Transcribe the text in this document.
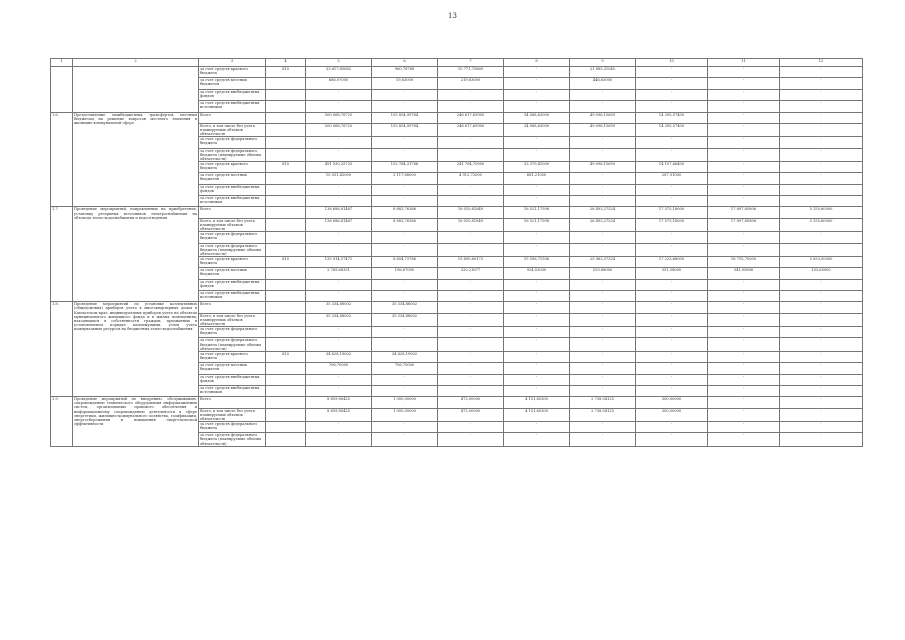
13
1	2	3	4	5	6	7	8	9	10	11	12
		за счет средств краевого бюджета	810	33 617,85682	960,78768	10 771,75869	-	21 885,31045	-	-	-
		за счет средств местных бюджетов		686,07000	19,63000	219,83000	-	446,63000	-	-	-
		за счет средств внебюджетных фондов		-	-	-	-	-	-	-	-
		за счет средств внебюджетных источников		-	-	-	-	-	-	-	-
1.6.	Предоставление межбюджетных трансфертов местным бюджетам на решение вопросов местного значения в жилищно-коммунальной сфере	Всего		500 068,76725	155 854,99764	246 617,65900	34 068,63000	49 096,15659	14 395,57400	-	-
		Всего, в том числе без учета планируемых объемов обязательств		500 068,76725	155 854,99764	246 617,65900	34 068,63000	49 096,15659	14 395,57400	-	-
		за счет средств федерального бюджета		-	-	-	-	-	-	-	-
		за счет средств федерального бюджета (планируемые объемы обязательств)		-	-	-	-	-	-	-	-
		за счет средств краевого бюджета	810	491 030,25725	152 764,31766	241 704,70900	33 379,41000	49 096,15659	14 107,66400	-	-
		за счет средств местных бюджетов		10 031,43000	3 117,68000	4 912,72000	681,21000	-	287,91000	-	-
		за счет средств внебюджетных фондов		-	-	-	-	-	-	-	-
		за счет средств внебюджетных источников		-	-	-	-	-	-	-	-
1.7.	Проведение мероприятий, направленных на приобретение, установку резервных источников электроснабжения на объектах тепло-водоснабжения и водоотведения	Всего		138 686,81467	8 883,76386	16 010,81849	16 521,17598	26 493,27524	17 575,18000	17 897,85806	5 155,60000
		Всего, в том числе без учета планируемых объемов обязательств		138 686,81467	8 883,76386	16 010,81849	16 521,17598	26 493,27524	17 575,18000	17 897,85806	5 155,60000
		за счет средств федерального бюджета		-	-	-	-	-	-	-	-
		за счет средств федерального бюджета (планируемые объемы обязательств)		-	-	-	-	-	-	-	-
		за счет средств краевого бюджета	810	135 914,57471	8 604,73786	15 690,60172	15 596,71596	25 963,37524	17 223,68000	16 755,70000	5 053,00000
		за счет средств местных бюджетов		2 769,68351	196,67000	320,21677	924,53000	529,88000	351,58000	341,95806	103,60000
		за счет средств внебюджетных фондов		-	-	-	-	-	-	-	-
		за счет средств внебюджетных источников		-	-	-	-	-	-	-	-
1.8.	Проведение мероприятий по установке коллективных (общедомовых) приборов учета в многоквартирных домах в Камчатском крае, индивидуальных приборов учета на объектах муниципального жилищного фонда и в жилых помещениях, находящихся в собственности граждан, признанных в установленном порядке малоимущими, узлов учета коммунальных ресурсов на бюджетных тепло-водоснабжения	Всего		35 334,88002	35 334,88002	-	-	-	-	-	-
		Всего, в том числе без учета планируемых объемов обязательств		35 334,88002	35 334,88002	-	-	-	-	-	-
		за счет средств федерального бюджета		-	-	-	-	-	-	-	-
		за счет средств федерального бюджета (планируемые объемы обязательств)		-	-	-	-	-	-	-	-
		за счет средств краевого бюджета	810	34 628,19002	34 628,19002	-	-	-	-	-	-
		за счет средств местных бюджетов		706,70000	706,70000	-	-	-	-	-	-
		за счет средств внебюджетных фондов		-	-	-	-	-	-	-	-
		за счет средств внебюджетных источников		-	-	-	-	-	-	-	-
1.9.	Проведение мероприятий по внедрению, обслуживанию, сопровождению технического оборудования информационных систем, организованию правового обеспечения и информационному сопровождению деятельности в сфере энергетики, жилищно-коммунального хозяйства, газификации, энергосбережения и повышения энергетической эффективности	Всего		8 659,80425	1 000,00000	472,00000	4 151,65300	2 738,04125	300,00000	-	-
		Всего, в том числе без учета планируемых объемов обязательств		8 659,80425	1 000,00000	472,00000	4 151,65300	2 738,04125	300,00000	-	-
		за счет средств федерального бюджета		-	-	-	-	-	-	-	-
		за счет средств федерального бюджета (планируемые объемы обязательств)		-	-	-	-	-	-	-	-
